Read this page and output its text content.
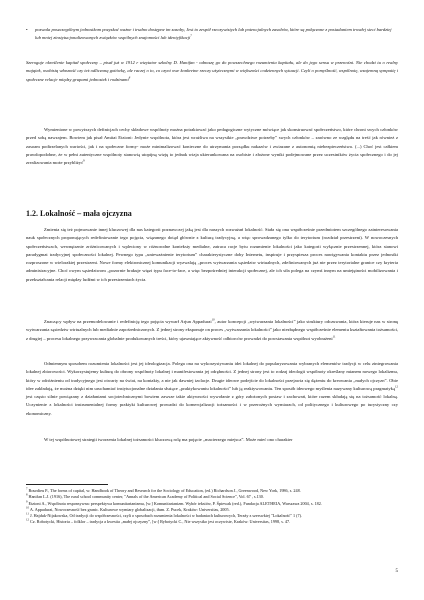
• pozwala poszczególnym jednostkom pozyskać ważne i trudno dostępne im zasoby, Jest to zespół rzeczywistych lub potencjalnych zasobów, które są połączone z posiadaniem trwałej sieci bardziej lub mniej zinstytucjonalizowanych związków wspólnych znajomości lub identyfikacji$^7$
Szeroguje określenie kapitał społeczny – pisał już w 1912 r wizytator szkolny D. Hanifan - odnoszę go do powszechnego rozumienia kapitału, ale do jego sensu w przenośni. Nie chodzi tu o realny majątek, osobistą własność czy też odliczoną gotówkę, ale raczej o to, co czyni owe konkretne rzeczy użytecznymi w większości codziennych sytuacji. Czyli o pomyślność, wspólnotę, wzajemną sympatię i społeczne relacje między grupami jednostek i rodzinami$^8$
Wymienione w powyższych definicjach cechy składowe wspólnoty można potraktować jako pedagogiczne wytyczne mówiące jak skonstruować społeczeństwo, które chroni swych członków przed sobą nawzajem. Bowiem jak pisał Amitai Etzioni: Jedynie wspólnota, która jest wrażliwa na wszystkie „prawdziwe potrzeby” swych członków – zarówno ze względu na treść jak również z zasoam podtrzelanych wartości, jak i na społeczne formy- może minimalizować konieczne do utrzymania porządku nakazów i zwiazane z autonomią niebezpieczeństwa. (...) Choć jest całkiem prawdopodobne, że w pełni autentyczne wspólnoty stanowią utopijną wizję to jednak wizja ukierunkowana na osobiste i złożone wyniki podejmowane przez uczestników życia społecznego i do jej zrealizowania może przybliżyć$^9$
1.2. Lokalność – mała ojczyzna
Zmienia się też pojmowanie innej kluczowej dla nas kategorii poznawczej jaką jest dla naszych rozważań lokalność. Stała się ona współcześnie przedmiotem szczególnego zainteresowania nauk społecznych proponujących redefiniowanie tego pojęcia, wiązanego dotąd głównie z kulturą tradycyjną, a więc sprowadzanego tylko do terytorium (rozdział przestrzeni). W nowoczesnych społeczeństwach, wewnętrznie zróżnicowanych i wpleciony w różnorodne konteksty medialne, zatraca racje bytu rozumienie lokalności jako kategorii wyłącznie przestrzennej, która stanowi paradygmat tradycyjnej społeczności lokalnej. Pewnego typu „unieważnienie terytorium” charakterystyczne doby Internetu, inspiruje i przyspiesza proces nawigywania kontaktu przez jednostki rozproszone w wielorakiej przestrzeni. Nowe formy elektronicznej komunikacji wyzwalają „proces wytwarzania sąsiedztw wirtualnych, zdefiniowanych już nie przez terytorialne granice czy kryteria administracyjne. Choć owym sąsiedztwom „pozornie brakuje więzi typu face-to-face, a więc bezpośredniej interakcji społecznej, ale ich siła polega na czymś innym na umiejętności mobilizowania i przekształcania relacji między ludźmi w ich przestrzeniach życia.
Znaczący wpływ na przemodelowanie i redefinicję tego pojęcia wywarł Arjun Appadurai$^{10}$, autor koncepcji „wytwarzania lokalności” jako struktury odczuwania, która kieruje nas w stronę wytwarzania sąsiedztw wirtualnych lub medialnie zapośredniczonych. Z jednej strony eksponuje on proces „wytwarzania lokalności” jako niezbędnego współcześnie elementu kształtowania tożsamości, z drugiej – procesu lokalnego przywracania globalnie produkowanych treści, który ujawniające aktywność odbiorców prowadzi do powstawania wspólnot wyobrażeni$^{11}$
Odmiennym sposobem rozumienia lokalności jest jej ideologizacja. Polega ona na wykorzystywaniu idei lokalnej do popularyzowania wybranych elementów tradycji w celu zintegrowania lokalnej zbiorowości. Wykorzystujemy kulturę do obrony wspólnoty lokalnej i manifestowania jej odrębności. Z jednej strony jest to rodzaj ideologii wspólnoty określany mianem nowego lokalizmu, który w odróżnieniu od tradycyjnego jest otwarty na świat, na kontakty, a nie jak dawniej izolacje. Drugie ideowe podejście do lokalności przejawia się dążeniu do kreowania „małych ojczyzn”. Obie idee zakładają, że można dzięki nim uruchamiać instytucjonalne działania służące „praktykowaniu lokalności” lub ją reaktywowaniu. Ten sposób ideowego myślenia nazywany kulturową pragmatyką$^{12}$ jest często silnie powiązany z działaniami socjotechnicznymi bowiem zawsze takie aktywności wywołanie z góry założonych postaw i zachowań, które razem składają się na tożsamość lokalną. Uczynienie z lokalności instrumentalnej formy praktyki kulturowej prowadzi do komercjalizacji tożsamości i w przerożnych wymiarach, od politycznego i kulturowego po turystyczny czy ekonomiczny.
W tej wspólnotowej strategii tworzenia lokalnej tożsamości kluczową rolę ma pojęcie „macierzego miejsca”. Może mieć ono charakter
$^7$ Bourdieu P., The forms of capital, w: Handbook of Theory and Research for the Sociology of Education, (ed.) Richardson J., Greenwood, New York, 1986, s. 248.
$^8$ Hanifan L.J. (1916), The rural school community center, "Annals of the American Academy of Political and Social Science", Vol. 67 , s.130.
$^9$ Etzioni A., Wspólnota responsywna: perspektywa komunitarianizmu, [w:] Komunitarianizm. Wybór tekstów, P. Śpiewak (red.), Fundacja ALETHEIA, Warszawa 2004, s. 182.
$^{10}$ A. Appadurai, Nowoczesność bez granic. Kulturowe wymiary globalizacji, tłum. Z. Pucek, Kraków: Universitas, 2005.
$^{11}$ J. Hajduk-Nijakowska, Od tradycji do współczesności, czyli o sposobach rozumienia lokalności w badaniach kulturowych, Teraźy z szerswkiej "Lokalność" 1 (7).
$^{12}$ Cz. Robotycki, Historia – folklor – tradycja a kwestia „małej ojczyzny”, [w:] Rybotycki C., Nie wszystko jest oczywiste, Kraków: Universitas, 1998, s. 47.
5
